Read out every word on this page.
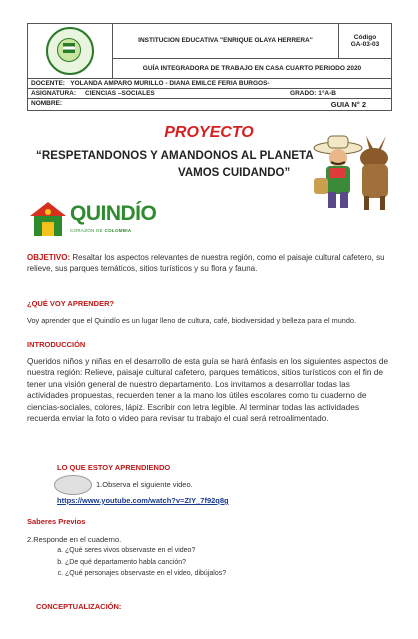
	INSTITUCION EDUCATIVA "ENRIQUE OLAYA HERRERA"	Código
GA-03-03

GUÍA INTEGRADORA DE TRABAJO EN CASA CUARTO PERIODO 2020
DOCENTE: YOLANDA AMPARO MURILLO - DIANA EMILCE FERIA BURGOS-
ASIGNATURA: CIENCIAS –SOCIALES	GRADO: 1°A-B

NOMBRE:	GUIA N° 2
PROYECTO
“RESPETANDONOS Y AMANDONOS AL PLANETA
VAMOS CUIDANDO”
QUINDÍO
CORAZÓN DE COLOMBIA
OBJETIVO: Resaltar los aspectos relevantes de nuestra región, como el paisaje cultural cafetero, su relieve, sus parques temáticos, sitios turísticos y su flora y fauna.
¿QUÉ VOY APRENDER?
Voy aprender que el Quindío es un lugar lleno de cultura, café, biodiversidad y belleza para el mundo.
INTRODUCCIÓN
Queridos niños y niñas en el desarrollo de esta guía se hará énfasis en los siguientes aspectos de nuestra región: Relieve, paisaje cultural cafetero, parques temáticos, sitios turísticos con el fin de tener una visión general de nuestro departamento. Los invitamos a desarrollar todas las actividades propuestas, recuerden tener a la mano los útiles escolares como tu cuaderno de ciencias-sociales, colores, lápiz. Escribir con letra legible. Al terminar todas las actividades recuerda enviar la foto o video para revisar tu trabajo el cual será retroalimentado.
LO QUE ESTOY APRENDIENDO
1.Observa el siguiente video.
https://www.youtube.com/watch?v=ZIY_7f92q8g
Saberes Previos
2.Responde en el cuaderno.
a. ¿Qué seres vivos observaste en el video?
b. ¿De qué departamento habla canción?
c. ¿Qué personajes observaste en el video, dibújalos?
CONCEPTUALIZACIÓN:
